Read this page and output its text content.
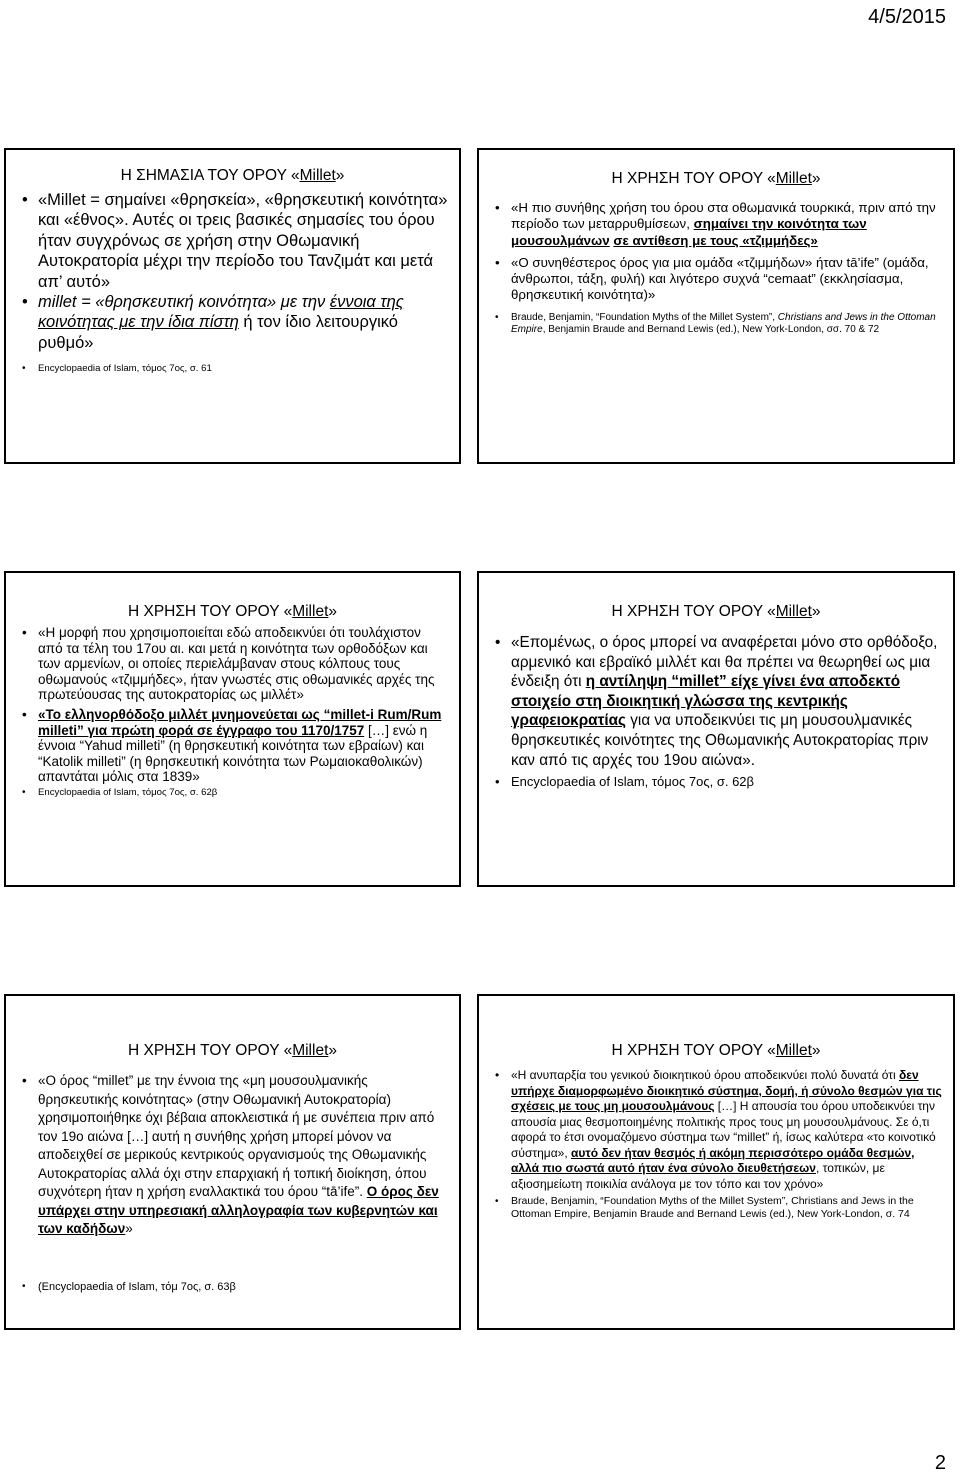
4/5/2015
Η ΣΗΜΑΣΙΑ ΤΟΥ ΟΡΟΥ «Millet»
• «Millet = σημαίνει «θρησκεία», «θρησκευτική κοινότητα» και «έθνος». Αυτές οι τρεις βασικές σημασίες του όρου ήταν συγχρόνως σε χρήση στην Οθωμανική Αυτοκρατορία μέχρι την περίοδο του Τανζιμάτ και μετά απ’ αυτό»
• millet = «θρησκευτική κοινότητα» με την έννοια της κοινότητας με την ίδια πίστη ή τον ίδιο λειτουργικό ρυθμό»
• Encyclopaedia of Islam, τόμος 7ος, σ. 61
Η ΧΡΗΣΗ ΤΟΥ ΟΡΟΥ «Millet»
• «Η πιο συνήθης χρήση του όρου στα οθωμανικά τουρκικά, πριν από την περίοδο των μεταρρυθμίσεων, σημαίνει την κοινότητα των μουσουλμάνων σε αντίθεση με τους «τζιμμήδες»
• «Ο συνηθέστερος όρος για μια ομάδα «τζιμμήδων» ήταν tā’ife” (ομάδα, άνθρωποι, τάξη, φυλή) και λιγότερο συχνά “cemaat” (εκκλησίασμα, θρησκευτική κοινότητα)»
• Braude, Benjamin, “Foundation Myths of the Millet System”, Christians and Jews in the Ottoman Empire, Benjamin Braude and Bernand Lewis (ed.), New York-London, σσ. 70 & 72
Η ΧΡΗΣΗ ΤΟΥ ΟΡΟΥ «Millet»
• «Η μορφή που χρησιμοποιείται εδώ αποδεικνύει ότι τουλάχιστον από τα τέλη του 17ου αι. και μετά η κοινότητα των ορθοδόξων και των αρμενίων, οι οποίες περιελάμβαναν στους κόλπους τους οθωμανούς «τζιμμήδες», ήταν γνωστές στις οθωμανικές αρχές της πρωτεύουσας της αυτοκρατορίας ως μιλλέτ»
• «Το ελληνορθόδοξο μιλλέτ μνημονεύεται ως “millet-i Rum/Rum milleti” για πρώτη φορά σε έγγραφο του 1170/1757 […] ενώ η έννοια “Yahud milleti” (η θρησκευτική κοινότητα των εβραίων) και “Katolik milleti” (η θρησκευτική κοινότητα των Ρωμαιοκαθολικών) απαντάται μόλις στα 1839»
• Encyclopaedia of Islam, τόμος 7ος, σ. 62β
Η ΧΡΗΣΗ ΤΟΥ ΟΡΟΥ «Millet»
• «Επομένως, ο όρος μπορεί να αναφέρεται μόνο στο ορθόδοξο, αρμενικό και εβραϊκό μιλλέτ και θα πρέπει να θεωρηθεί ως μια ένδειξη ότι η αντίληψη “millet” είχε γίνει ένα αποδεκτό στοιχείο στη διοικητική γλώσσα της κεντρικής γραφειοκρατίας για να υποδεικνύει τις μη μουσουλμανικές θρησκευτικές κοινότητες της Οθωμανικής Αυτοκρατορίας πριν καν από τις αρχές του 19ου αιώνα».
• Encyclopaedia of Islam, τόμος 7ος, σ. 62β
Η ΧΡΗΣΗ ΤΟΥ ΟΡΟΥ «Millet»
• «Ο όρος “millet” με την έννοια της «μη μουσουλμανικής θρησκευτικής κοινότητας» (στην Οθωμανική Αυτοκρατορία) χρησιμοποιήθηκε όχι βέβαια αποκλειστικά ή με συνέπεια πριν από τον 19ο αιώνα […] αυτή η συνήθης χρήση μπορεί μόνον να αποδειχθεί σε μερικούς κεντρικούς οργανισμούς της Οθωμανικής Αυτοκρατορίας αλλά όχι στην επαρχιακή ή τοπική διοίκηση, όπου συχνότερη ήταν η χρήση εναλλακτικά του όρου “tā’ife”. Ο όρος δεν υπάρχει στην υπηρεσιακή αλληλογραφία των κυβερνητών και των καδήδων»
• (Encyclopaedia of Islam, τόμ 7ος, σ. 63β
Η ΧΡΗΣΗ ΤΟΥ ΟΡΟΥ «Millet»
• «Η ανυπαρξία του γενικού διοικητικού όρου αποδεικνύει πολύ δυνατά ότι δεν υπήρχε διαμορφωμένο διοικητικό σύστημα, δομή, ή σύνολο θεσμών για τις σχέσεις με τους μη μουσουλμάνους […] Η απουσία του όρου υποδεικνύει την απουσία μιας θεσμοποιημένης πολιτικής προς τους μη μουσουλμάνους. Σε ό,τι αφορά το έτσι ονομαζόμενο σύστημα των “millet” ή, ίσως καλύτερα «το κοινοτικό σύστημα», αυτό δεν ήταν θεσμός ή ακόμη περισσότερο ομάδα θεσμών, αλλά πιο σωστά αυτό ήταν ένα σύνολο διευθετήσεων, τοπικών, με αξιοσημείωτη ποικιλία ανάλογα με τον τόπο και τον χρόνο»
• Braude, Benjamin, “Foundation Myths of the Millet System”, Christians and Jews in the Ottoman Empire, Benjamin Braude and Bernand Lewis (ed.), New York-London, σ. 74
2
